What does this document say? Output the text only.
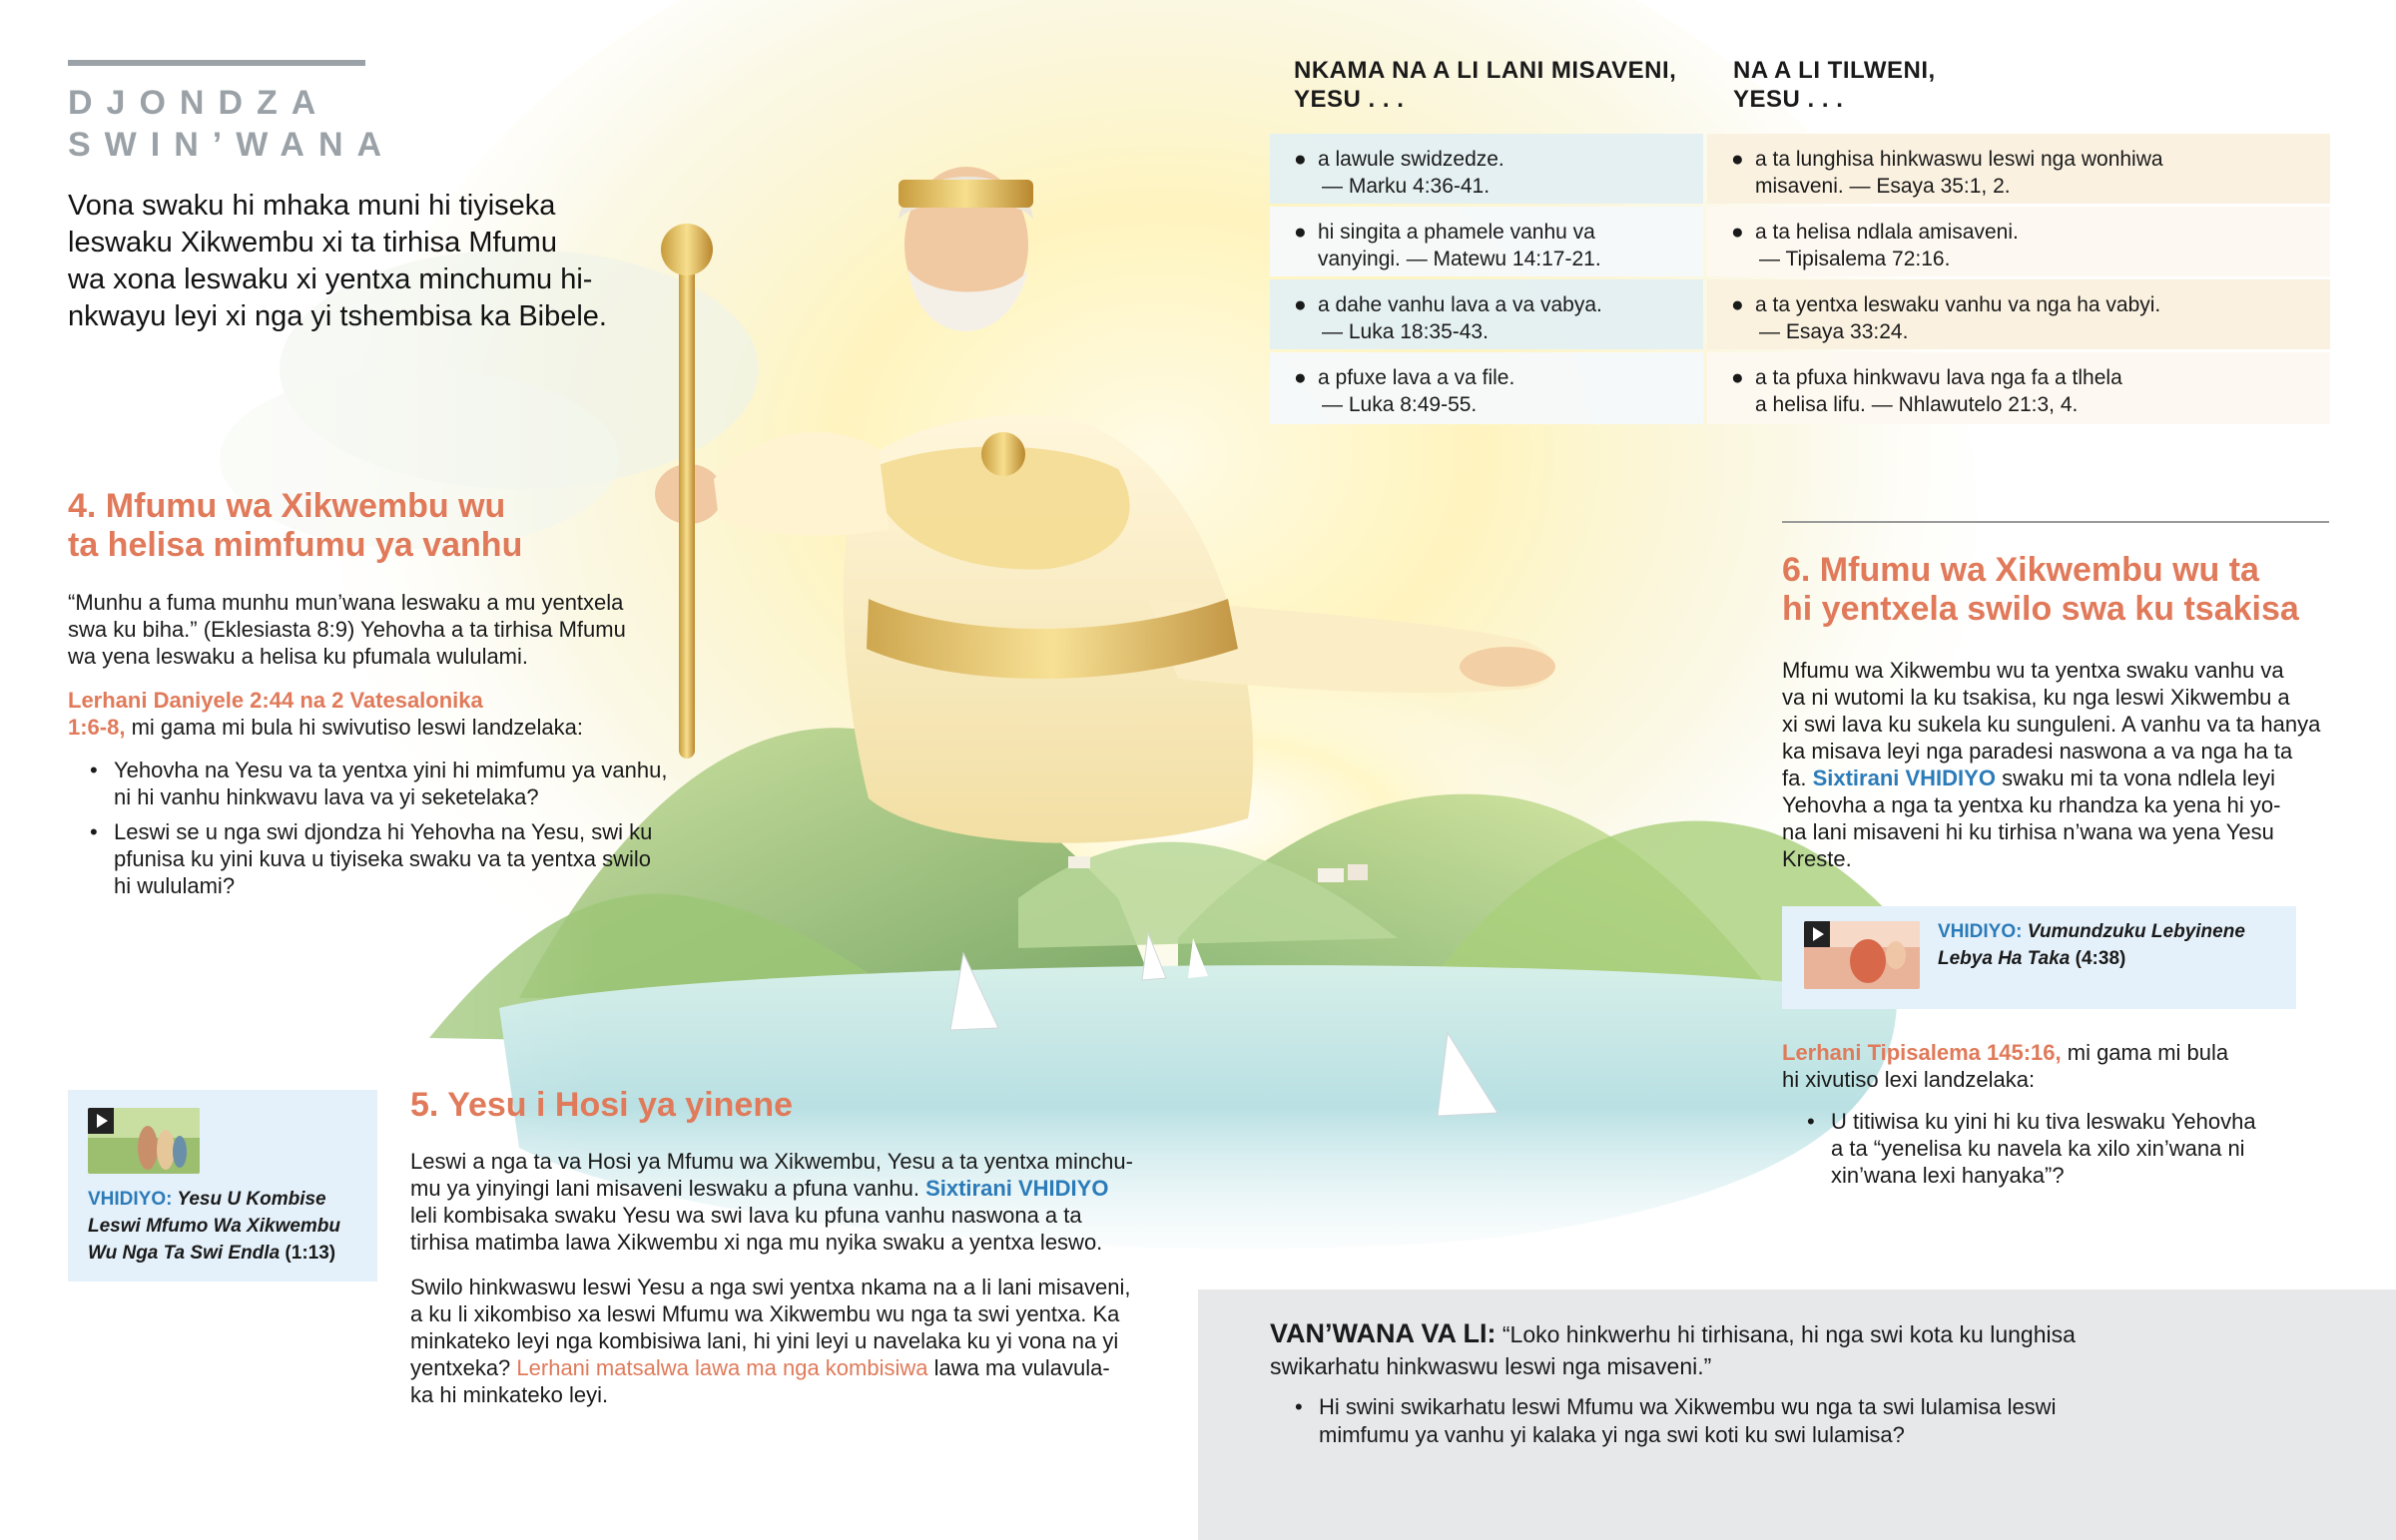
DJONDZA
SWIN’WANA
Vona swaku hi mhaka muni hi tiyiseka
leswaku Xikwembu xi ta tirhisa Mfumu
wa xona leswaku xi yentxa minchumu hi-
nkwayu leyi xi nga yi tshembisa ka Bibele.
NKAMA NA A LI LANI MISAVENI,
YESU . . .
NA A LI TILWENI,
YESU . . .
● a lawule swidzedze.
— Marku 4:36-41.
● hi singita a phamele vanhu va
vanyingi. — Matewu 14:17-21.
● a dahe vanhu lava a va vabya.
— Luka 18:35-43.
● a pfuxe lava a va file.
— Luka 8:49-55.
● a ta lunghisa hinkwaswu leswi nga wonhiwa
misaveni. — Esaya 35:1, 2.
● a ta helisa ndlala amisaveni.
— Tipisalema 72:16.
● a ta yentxa leswaku vanhu va nga ha vabyi.
— Esaya 33:24.
● a ta pfuxa hinkwavu lava nga fa a tlhela
a helisa lifu. — Nhlawutelo 21:3, 4.
4. Mfumu wa Xikwembu wu
ta helisa mimfumu ya vanhu
“Munhu a fuma munhu mun’wana leswaku a mu yentxela
swa ku biha.” (Eklesiasta 8:9) Yehovha a ta tirhisa Mfumu
wa yena leswaku a helisa ku pfumala wululami.
Lerhani Daniyele 2:44 na 2 Vatesalonika
1:6-8, mi gama mi bula hi swivutiso leswi landzelaka:
• Yehovha na Yesu va ta yentxa yini hi mimfumu ya vanhu,
ni hi vanhu hinkwavu lava va yi seketelaka?
• Leswi se u nga swi djondza hi Yehovha na Yesu, swi ku
pfunisa ku yini kuva u tiyiseka swaku va ta yentxa swilo
hi wululami?
VHIDIYO: Yesu U Kombise
Leswi Mfumo Wa Xikwembu
Wu Nga Ta Swi Endla (1:13)
5. Yesu i Hosi ya yinene
Leswi a nga ta va Hosi ya Mfumu wa Xikwembu, Yesu a ta yentxa minchu-
mu ya yinyingi lani misaveni leswaku a pfuna vanhu. Sixtirani VHIDIYO
leli kombisaka swaku Yesu wa swi lava ku pfuna vanhu naswona a ta
tirhisa matimba lawa Xikwembu xi nga mu nyika swaku a yentxa leswo.
Swilo hinkwaswu leswi Yesu a nga swi yentxa nkama na a li lani misaveni,
a ku li xikombiso xa leswi Mfumu wa Xikwembu wu nga ta swi yentxa. Ka
minkateko leyi nga kombisiwa lani, hi yini leyi u navelaka ku yi vona na yi
yentxeka? Lerhani matsalwa lawa ma nga kombisiwa lawa ma vulavula-
ka hi minkateko leyi.
6. Mfumu wa Xikwembu wu ta
hi yentxela swilo swa ku tsakisa
Mfumu wa Xikwembu wu ta yentxa swaku vanhu va
va ni wutomi la ku tsakisa, ku nga leswi Xikwembu a
xi swi lava ku sukela ku sunguleni. A vanhu va ta hanya
ka misava leyi nga paradesi naswona a va nga ha ta
fa. Sixtirani VHIDIYO swaku mi ta vona ndlela leyi
Yehovha a nga ta yentxa ku rhandza ka yena hi yo-
na lani misaveni hi ku tirhisa n’wana wa yena Yesu
Kreste.
VHIDIYO: Vumundzuku Lebyinene
Lebya Ha Taka (4:38)
Lerhani Tipisalema 145:16, mi gama mi bula
hi xivutiso lexi landzelaka:
• U titiwisa ku yini hi ku tiva leswaku Yehovha
a ta “yenelisa ku navela ka xilo xin’wana ni
xin’wana lexi hanyaka”?
VAN’WANA VA LI: “Loko hinkwerhu hi tirhisana, hi nga swi kota ku lunghisa
swikarhatu hinkwaswu leswi nga misaveni.”
• Hi swini swikarhatu leswi Mfumu wa Xikwembu wu nga ta swi lulamisa leswi
mimfumu ya vanhu yi kalaka yi nga swi koti ku swi lulamisa?
